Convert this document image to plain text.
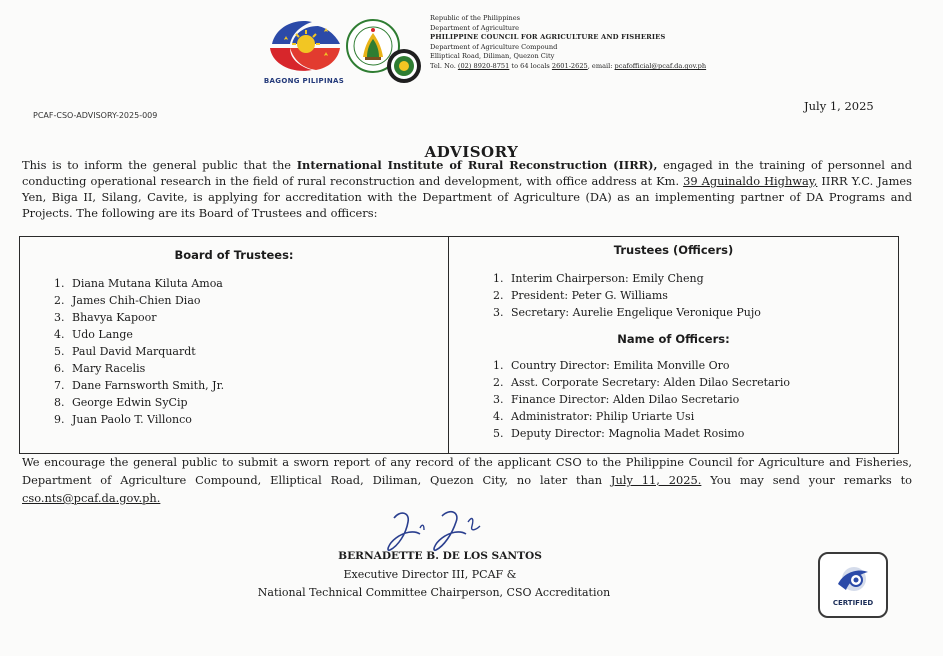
BAGONG PILIPINAS
Republic of the Philippines
Department of Agriculture
PHILIPPINE COUNCIL FOR AGRICULTURE AND FISHERIES
Department of Agriculture Compound
Elliptical Road, Diliman, Quezon City
Tel. No. (02) 8920-8751 to 64 locals 2601-2625, email: pcafofficial@pcaf.da.gov.ph
PCAF-CSO-ADVISORY-2025-009
July 1, 2025
ADVISORY
This is to inform the general public that the International Institute of Rural Reconstruction (IIRR), engaged in the training of personnel and conducting operational research in the field of rural reconstruction and development, with office address at Km. 39 Aguinaldo Highway, IIRR Y.C. James Yen, Biga II, Silang, Cavite, is applying for accreditation with the Department of Agriculture (DA) as an implementing partner of DA Programs and Projects. The following are its Board of Trustees and officers:
Board of Trustees:
1. Diana Mutana Kiluta Amoa
2. James Chih-Chien Diao
3. Bhavya Kapoor
4. Udo Lange
5. Paul David Marquardt
6. Mary Racelis
7. Dane Farnsworth Smith, Jr.
8. George Edwin SyCip
9. Juan Paolo T. Villonco
Trustees (Officers)
1. Interim Chairperson: Emily Cheng
2. President: Peter G. Williams
3. Secretary: Aurelie Engelique Veronique Pujo
Name of Officers:
1. Country Director: Emilita Monville Oro
2. Asst. Corporate Secretary: Alden Dilao Secretario
3. Finance Director: Alden Dilao Secretario
4. Administrator: Philip Uriarte Usi
5. Deputy Director: Magnolia Madet Rosimo
We encourage the general public to submit a sworn report of any record of the applicant CSO to the Philippine Council for Agriculture and Fisheries, Department of Agriculture Compound, Elliptical Road, Diliman, Quezon City, no later than July 11, 2025. You may send your remarks to cso.nts@pcaf.da.gov.ph.
BERNADETTE B. DE LOS SANTOS
Executive Director III, PCAF &
National Technical Committee Chairperson, CSO Accreditation
CERTIFIED
